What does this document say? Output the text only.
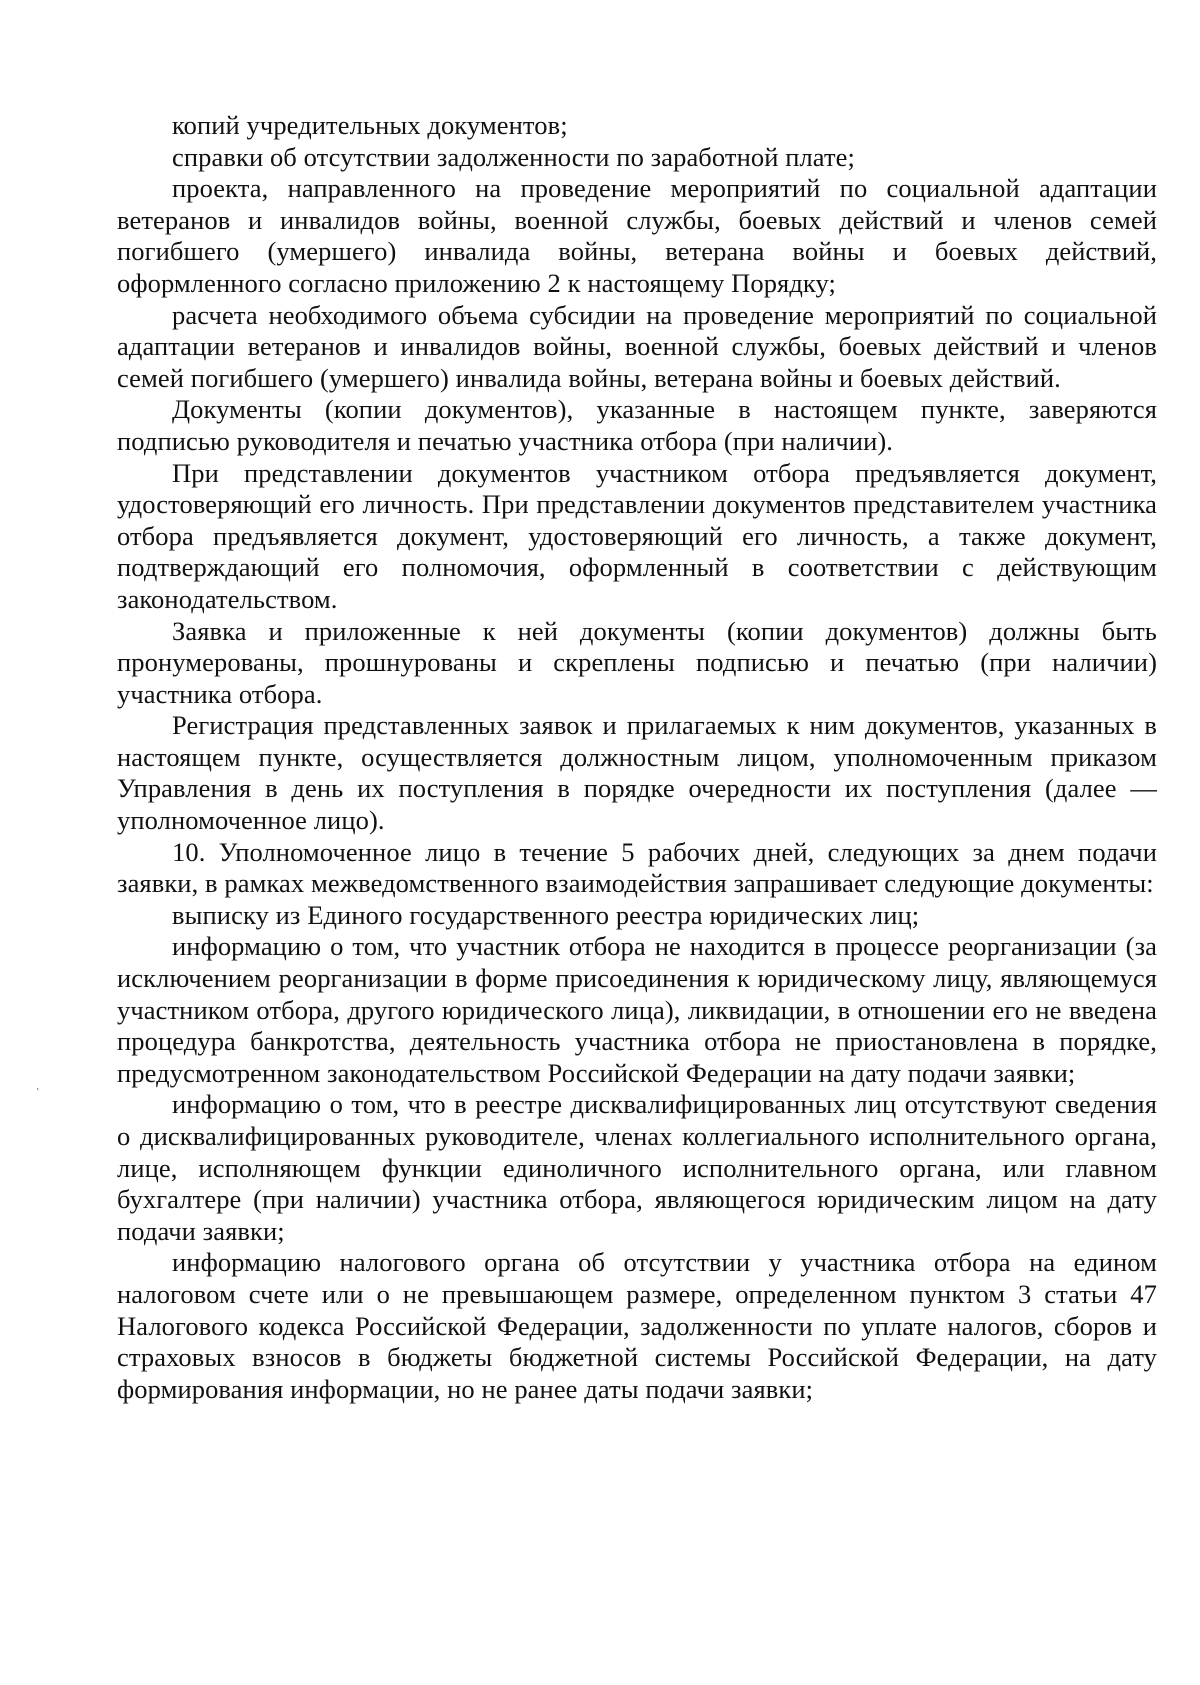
,

копий учредительных документов;

справки об отсутствии задолженности по заработной плате;

проекта, направленного на проведение мероприятий по социальной адаптации ветеранов и инвалидов войны, военной службы, боевых действий и членов семей погибшего (умершего) инвалида войны, ветерана войны и боевых действий, оформленного согласно приложению 2 к настоящему Порядку;

расчета необходимого объема субсидии на проведение мероприятий по социальной адаптации ветеранов и инвалидов войны, военной службы, боевых действий и членов семей погибшего (умершего) инвалида войны, ветерана войны и боевых действий.

Документы (копии документов), указанные в настоящем пункте, заверяются подписью руководителя и печатью участника отбора (при наличии).

При представлении документов участником отбора предъявляется документ, удостоверяющий его личность. При представлении документов представителем участника отбора предъявляется документ, удостоверяющий его личность, а также документ, подтверждающий его полномочия, оформленный в соответствии с действующим законодательством.

Заявка и приложенные к ней документы (копии документов) должны быть пронумерованы, прошнурованы и скреплены подписью и печатью (при наличии) участника отбора.

Регистрация представленных заявок и прилагаемых к ним документов, указанных в настоящем пункте, осуществляется должностным лицом, уполномоченным приказом Управления в день их поступления в порядке очередности их поступления (далее — уполномоченное лицо).

10. Уполномоченное лицо в течение 5 рабочих дней, следующих за днем подачи заявки, в рамках межведомственного взаимодействия запрашивает следующие документы:

выписку из Единого государственного реестра юридических лиц;

информацию о том, что участник отбора не находится в процессе реорганизации (за исключением реорганизации в форме присоединения к юридическому лицу, являющемуся участником отбора, другого юридического лица), ликвидации, в отношении его не введена процедура банкротства, деятельность участника отбора не приостановлена в порядке, предусмотренном законодательством Российской Федерации на дату подачи заявки;

информацию о том, что в реестре дисквалифицированных лиц отсутствуют сведения о дисквалифицированных руководителе, членах коллегиального исполнительного органа, лице, исполняющем функции единоличного исполнительного органа, или главном бухгалтере (при наличии) участника отбора, являющегося юридическим лицом на дату подачи заявки;

информацию налогового органа об отсутствии у участника отбора на едином налоговом счете или о не превышающем размере, определенном пунктом 3 статьи 47 Налогового кодекса Российской Федерации, задолженности по уплате налогов, сборов и страховых взносов в бюджеты бюджетной системы Российской Федерации, на дату формирования информации, но не ранее даты подачи заявки;
